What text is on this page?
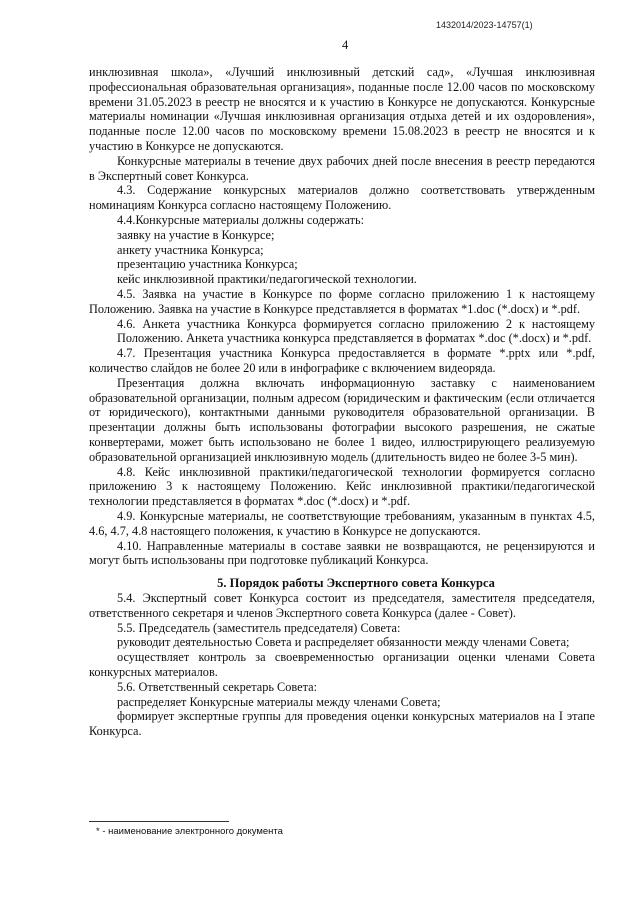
1432014/2023-14757(1)
4

инклюзивная школа», «Лучший инклюзивный детский сад», «Лучшая инклюзивная профессиональная образовательная организация», поданные после 12.00 часов по московскому времени 31.05.2023 в реестр не вносятся и к участию в Конкурсе не допускаются. Конкурсные материалы номинации «Лучшая инклюзивная организация отдыха детей и их оздоровления», поданные после 12.00 часов по московскому времени 15.08.2023 в реестр не вносятся и к участию в Конкурсе не допускаются.

Конкурсные материалы в течение двух рабочих дней после внесения в реестр передаются в Экспертный совет Конкурса.

4.3. Содержание конкурсных материалов должно соответствовать утвержденным номинациям Конкурса согласно настоящему Положению.

4.4.Конкурсные материалы должны содержать:

заявку на участие в Конкурсе;

анкету участника Конкурса;

презентацию участника Конкурса;

кейс инклюзивной практики/педагогической технологии.

4.5. Заявка на участие в Конкурсе по форме согласно приложению 1 к настоящему Положению. Заявка на участие в Конкурсе представляется в форматах *1.doc (*.docx) и *.pdf.

4.6. Анкета участника Конкурса формируется согласно приложению 2 к настоящему Положению. Анкета участника конкурса представляется в форматах *.doc (*.docx) и *.pdf.

4.7. Презентация участника Конкурса предоставляется в формате *.pptx или *.pdf, количество слайдов не более 20 или в инфографике с включением видеоряда.

Презентация должна включать информационную заставку с наименованием образовательной организации, полным адресом (юридическим и фактическим (если отличается от юридического), контактными данными руководителя образовательной организации. В презентации должны быть использованы фотографии высокого разрешения, не сжатые конвертерами, может быть использовано не более 1 видео, иллюстрирующего реализуемую образовательной организацией инклюзивную модель (длительность видео не более 3-5 мин).

4.8. Кейс инклюзивной практики/педагогической технологии формируется согласно приложению 3 к настоящему Положению. Кейс инклюзивной практики/педагогической технологии представляется в форматах *.doc (*.docx) и *.pdf.

4.9. Конкурсные материалы, не соответствующие требованиям, указанным в пунктах 4.5, 4.6, 4.7, 4.8 настоящего положения, к участию в Конкурсе не допускаются.

4.10. Направленные материалы в составе заявки не возвращаются, не рецензируются и могут быть использованы при подготовке публикаций Конкурса.

5. Порядок работы Экспертного совета Конкурса

5.4. Экспертный совет Конкурса состоит из председателя, заместителя председателя, ответственного секретаря и членов Экспертного совета Конкурса (далее - Совет).

5.5. Председатель (заместитель председателя) Совета:

руководит деятельностью Совета и распределяет обязанности между членами Совета;

осуществляет контроль за своевременностью организации оценки членами Совета конкурсных материалов.

5.6. Ответственный секретарь Совета:

распределяет Конкурсные материалы между членами Совета;

формирует экспертные группы для проведения оценки конкурсных материалов на I этапе Конкурса.

* - наименование электронного документа
